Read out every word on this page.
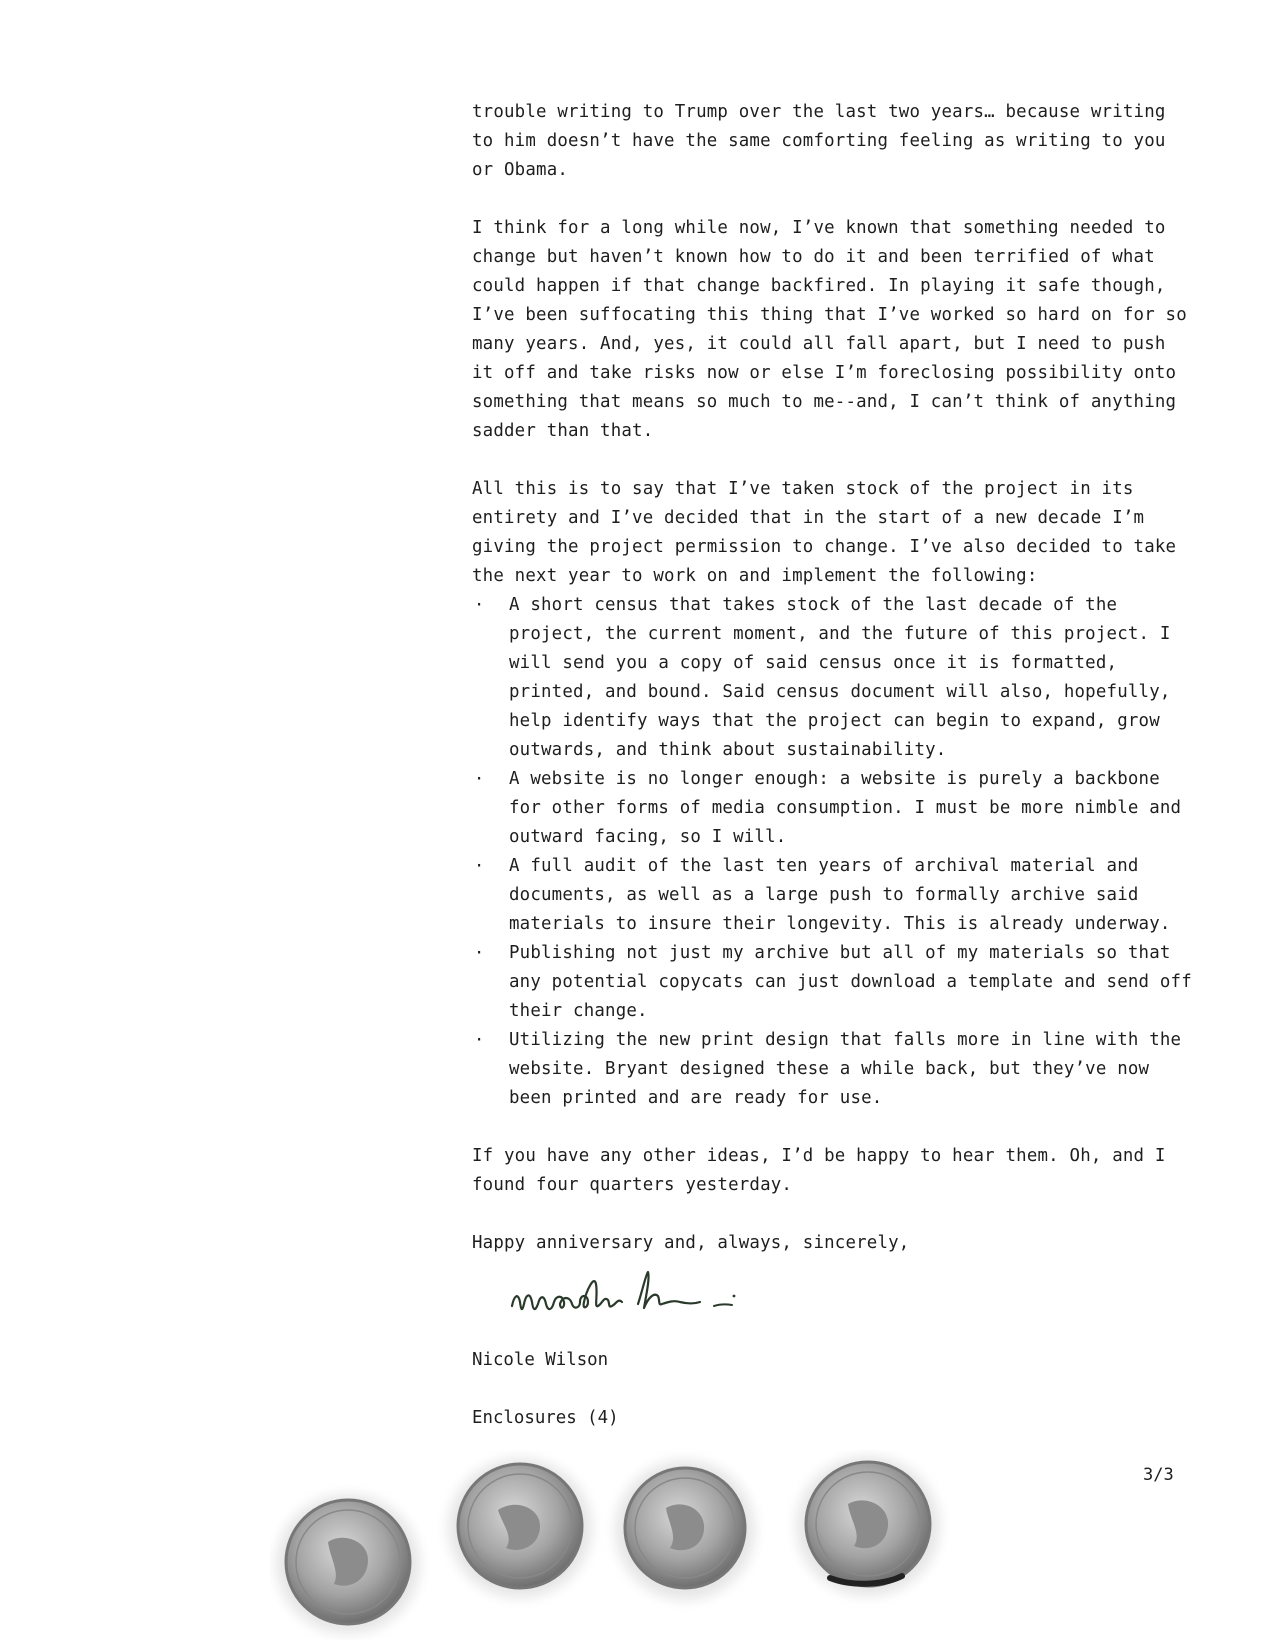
trouble writing to Trump over the last two years… because writing to him doesn’t have the same comforting feeling as writing to you or Obama.

I think for a long while now, I’ve known that something needed to change but haven’t known how to do it and been terrified of what could happen if that change backfired. In playing it safe though, I’ve been suffocating this thing that I’ve worked so hard on for so many years. And, yes, it could all fall apart, but I need to push it off and take risks now or else I’m foreclosing possibility onto something that means so much to me--and, I can’t think of anything sadder than that.

All this is to say that I’ve taken stock of the project in its entirety and I’ve decided that in the start of a new decade I’m giving the project permission to change. I’ve also decided to take the next year to work on and implement the following:

· A short census that takes stock of the last decade of the project, the current moment, and the future of this project. I will send you a copy of said census once it is formatted, printed, and bound. Said census document will also, hopefully, help identify ways that the project can begin to expand, grow outwards, and think about sustainability.
· A website is no longer enough: a website is purely a backbone for other forms of media consumption. I must be more nimble and outward facing, so I will.
· A full audit of the last ten years of archival material and documents, as well as a large push to formally archive said materials to insure their longevity. This is already underway.
· Publishing not just my archive but all of my materials so that any potential copycats can just download a template and send off their change.
· Utilizing the new print design that falls more in line with the website. Bryant designed these a while back, but they’ve now been printed and are ready for use.

If you have any other ideas, I’d be happy to hear them. Oh, and I found four quarters yesterday.

Happy anniversary and, always, sincerely,

Nicole Wilson
Enclosures (4)
3/3
